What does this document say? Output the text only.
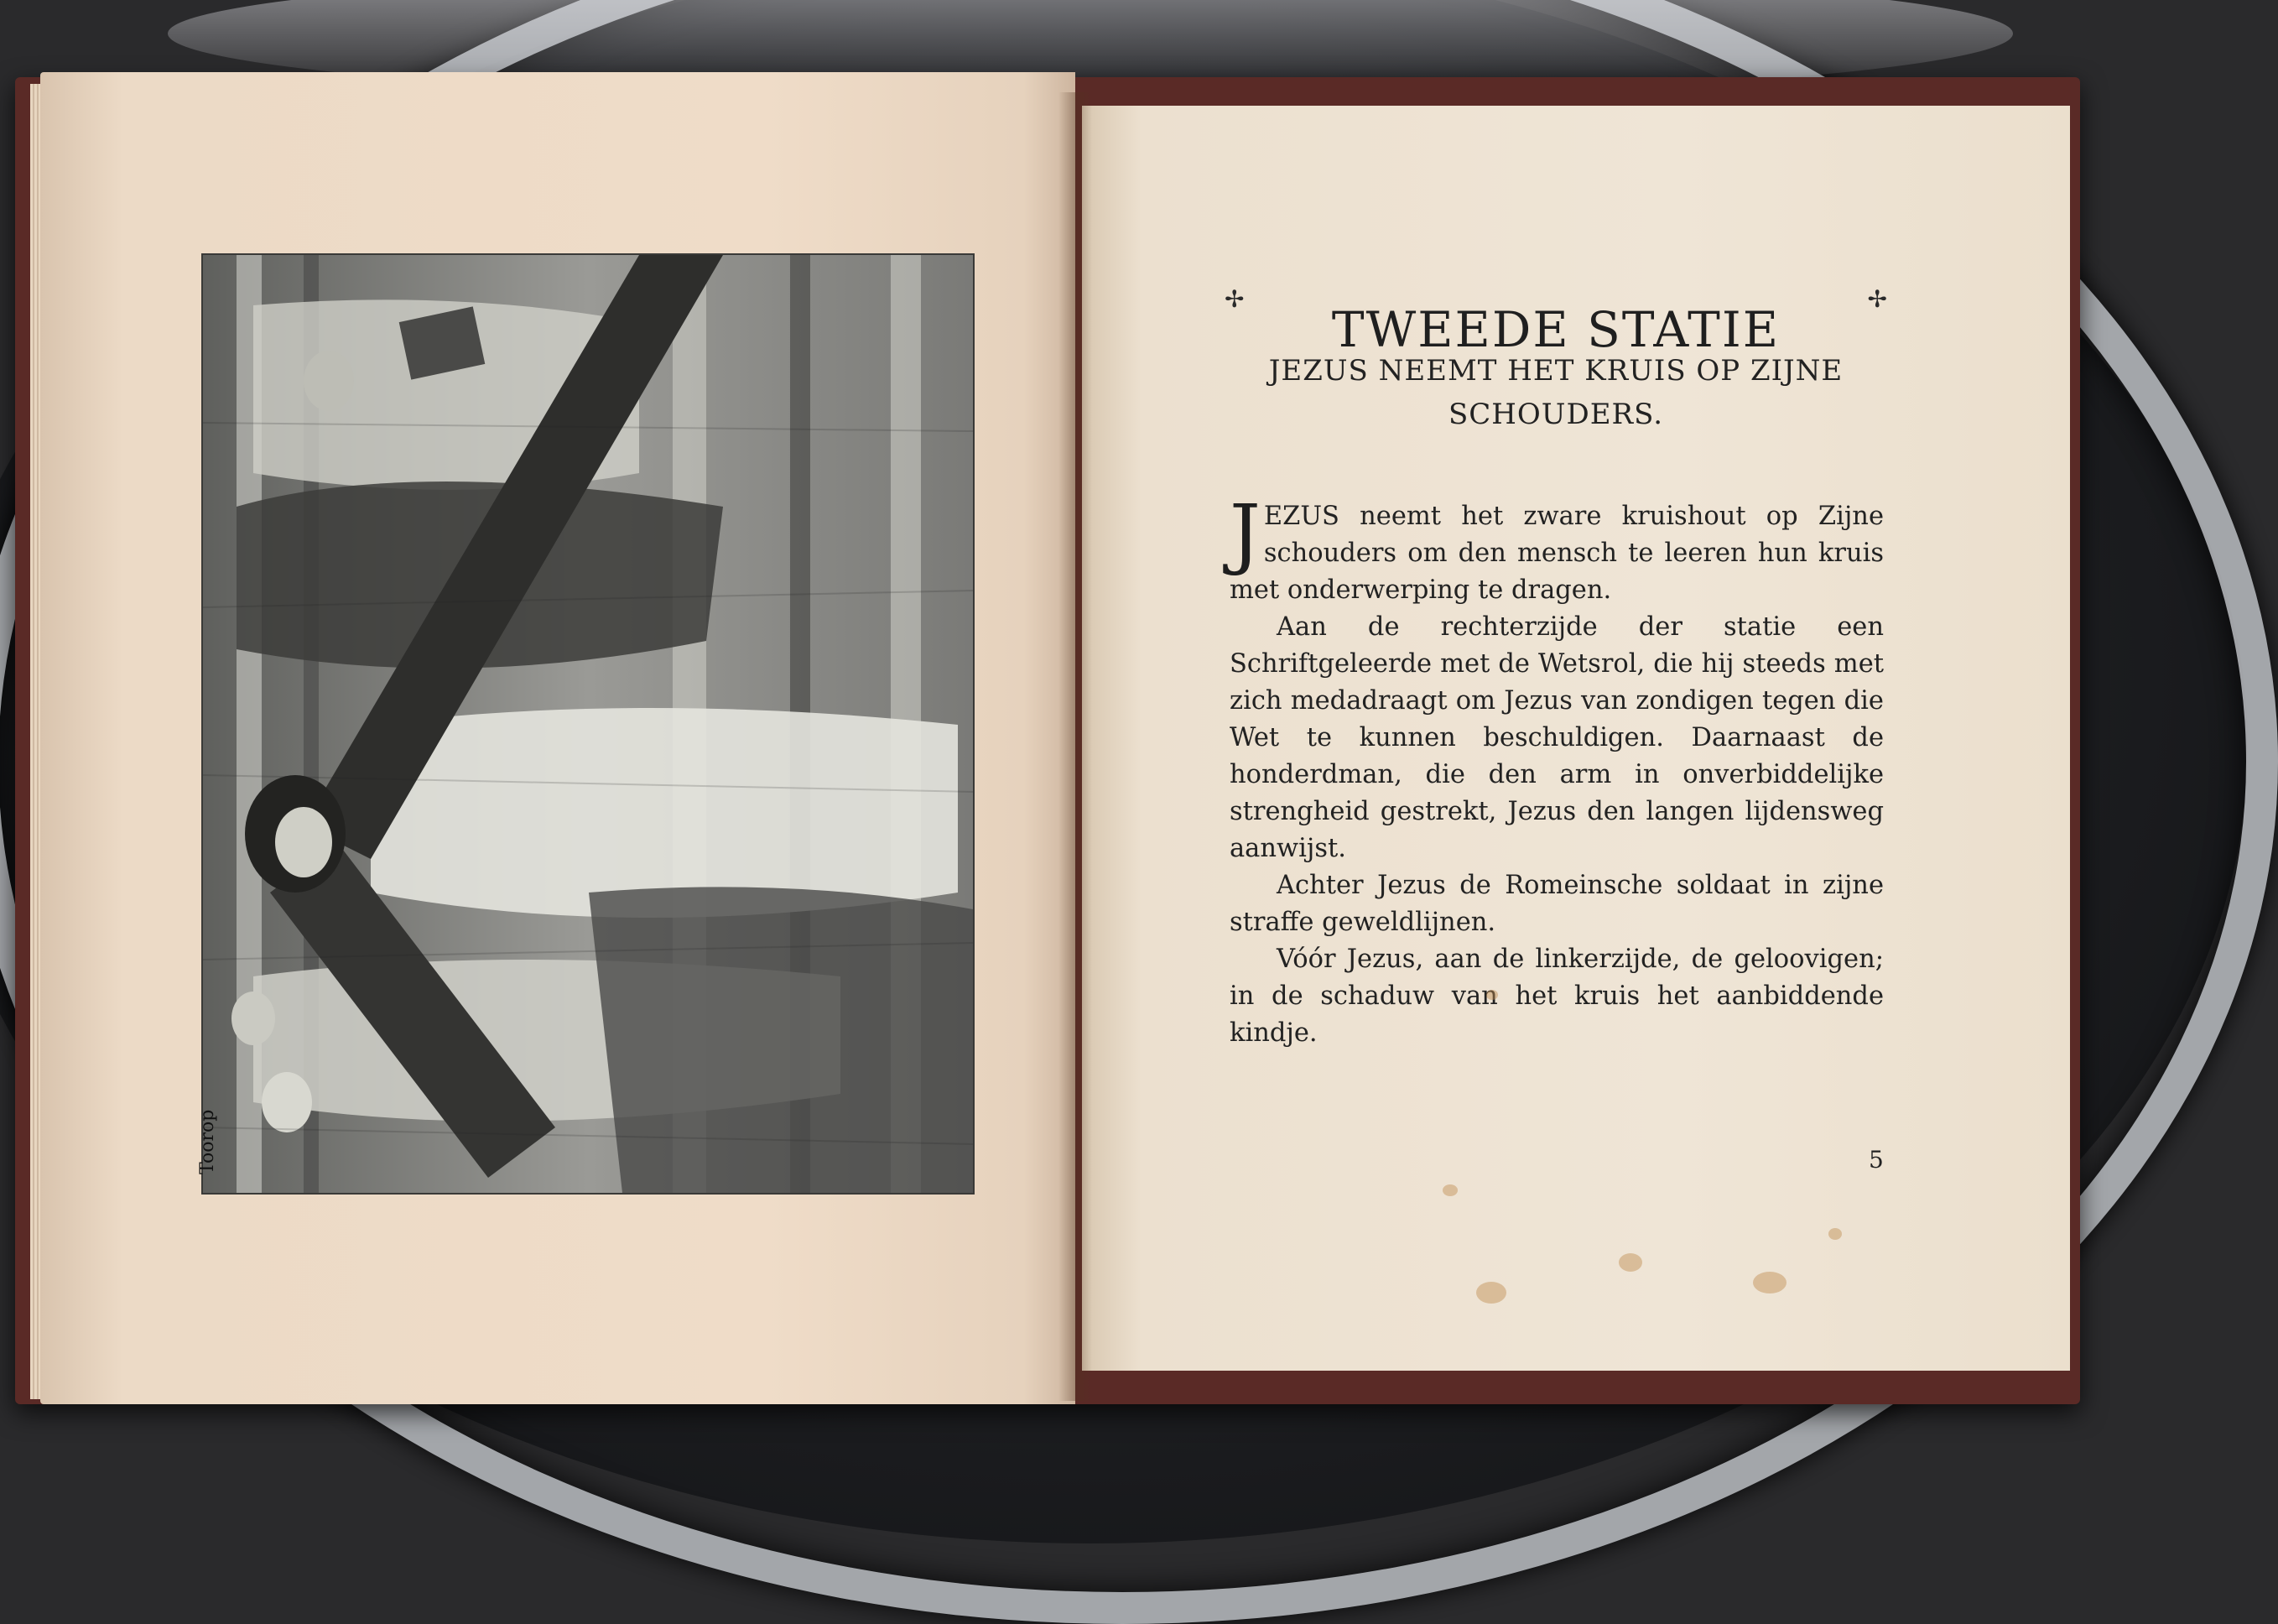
Toorop
✢
TWEEDE STATIE
✢
JEZUS NEEMT HET KRUIS OP ZIJNE
SCHOUDERS.

JEZUS neemt het zware kruishout op Zijne schouders om den mensch te leeren hun kruis met onderwerping te dragen.

Aan de rechterzijde der statie een Schriftgeleerde met de Wetsrol, die hij steeds met zich medadraagt om Jezus van zondigen tegen die Wet te kunnen beschuldigen. Daarnaast de honderdman, die den arm in onverbiddelijke strengheid gestrekt, Jezus den langen lijdensweg aanwijst.

Achter Jezus de Romeinsche soldaat in zijne straffe geweldlijnen.

Vóór Jezus, aan de linkerzijde, de geloovigen; in de schaduw van het kruis het aanbiddende kindje.

5
